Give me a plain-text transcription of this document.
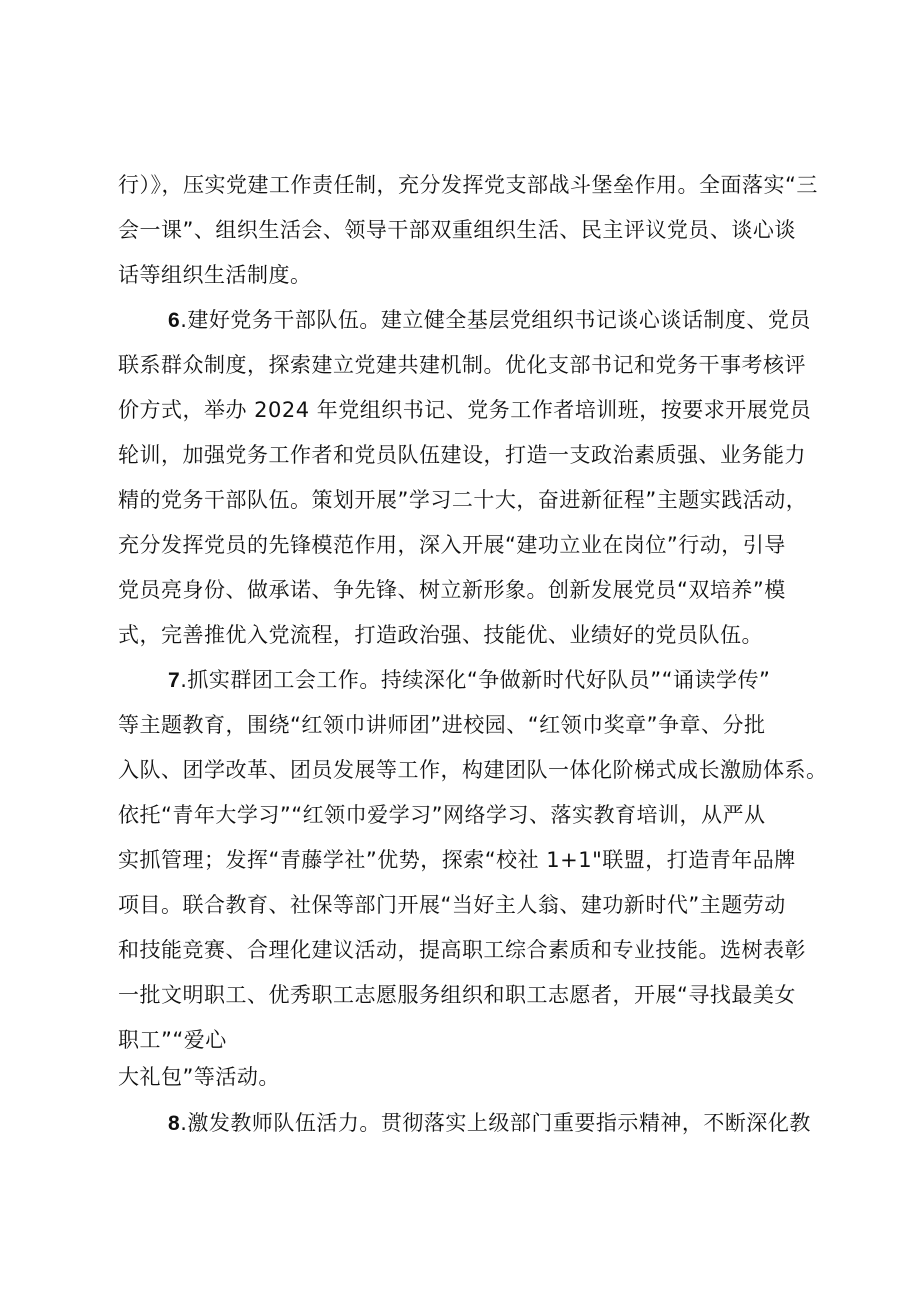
行）》，压实党建工作责任制，充分发挥党支部战斗堡垒作用。全面落实“三
会一课”、组织生活会、领导干部双重组织生活、民主评议党员、谈心谈
话等组织生活制度。
6.建好党务干部队伍。建立健全基层党组织书记谈心谈话制度、党员
联系群众制度，探索建立党建共建机制。优化支部书记和党务干事考核评
价方式，举办 2024 年党组织书记、党务工作者培训班，按要求开展党员
轮训，加强党务工作者和党员队伍建设，打造一支政治素质强、业务能力
精的党务干部队伍。策划开展”学习二十大，奋进新征程”主题实践活动，
充分发挥党员的先锋模范作用，深入开展“建功立业在岗位”行动，引导
党员亮身份、做承诺、争先锋、树立新形象。创新发展党员“双培养”模
式，完善推优入党流程，打造政治强、技能优、业绩好的党员队伍。
7.抓实群团工会工作。持续深化“争做新时代好队员”“诵读学传”
等主题教育，围绕“红领巾讲师团”进校园、“红领巾奖章”争章、分批
入队、团学改革、团员发展等工作，构建团队一体化阶梯式成长激励体系。
依托“青年大学习”“红领巾爱学习”网络学习、落实教育培训，从严从
实抓管理；发挥“青藤学社”优势，探索“校社 1+1"联盟，打造青年品牌
项目。联合教育、社保等部门开展“当好主人翁、建功新时代”主题劳动
和技能竞赛、合理化建议活动，提高职工综合素质和专业技能。选树表彰
一批文明职工、优秀职工志愿服务组织和职工志愿者，开展“寻找最美女
职工”“爱心
大礼包”等活动。
8.激发教师队伍活力。贯彻落实上级部门重要指示精神，不断深化教
